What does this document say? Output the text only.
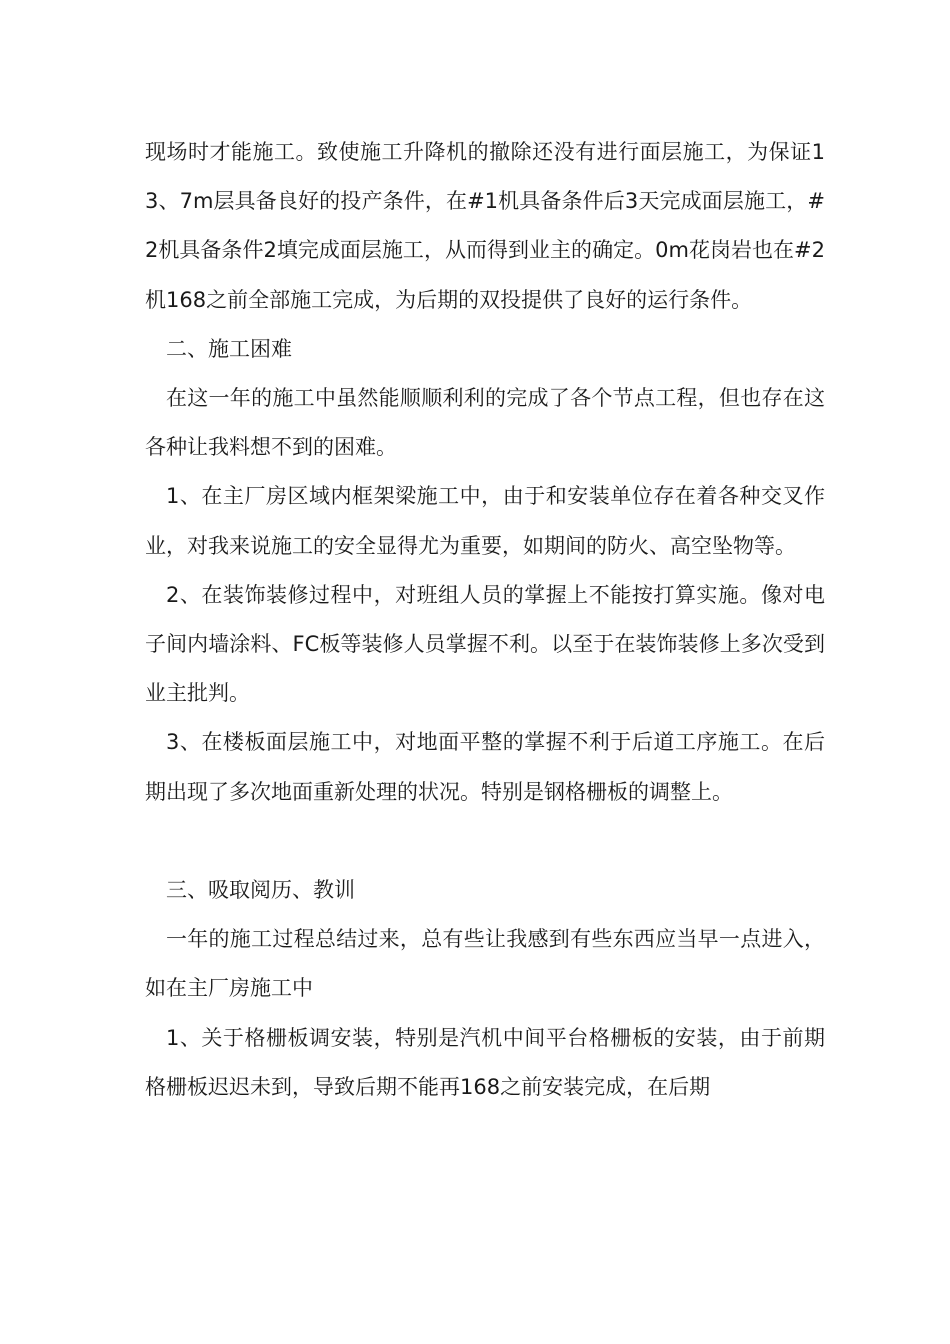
现场时才能施工。致使施工升降机的撤除还没有进行面层施工，为保证13、7m层具备良好的投产条件，在#1机具备条件后3天完成面层施工，#2机具备条件2填完成面层施工，从而得到业主的确定。0m花岗岩也在#2机168之前全部施工完成，为后期的双投提供了良好的运行条件。

二、施工困难

在这一年的施工中虽然能顺顺利利的完成了各个节点工程，但也存在这各种让我料想不到的困难。

1、在主厂房区域内框架梁施工中，由于和安装单位存在着各种交叉作业，对我来说施工的安全显得尤为重要，如期间的防火、高空坠物等。

2、在装饰装修过程中，对班组人员的掌握上不能按打算实施。像对电子间内墙涂料、FC板等装修人员掌握不利。以至于在装饰装修上多次受到业主批判。

3、在楼板面层施工中，对地面平整的掌握不利于后道工序施工。在后期出现了多次地面重新处理的状况。特别是钢格栅板的调整上。

三、吸取阅历、教训

一年的施工过程总结过来，总有些让我感到有些东西应当早一点进入，如在主厂房施工中

1、关于格栅板调安装，特别是汽机中间平台格栅板的安装，由于前期格栅板迟迟未到，导致后期不能再168之前安装完成，在后期
